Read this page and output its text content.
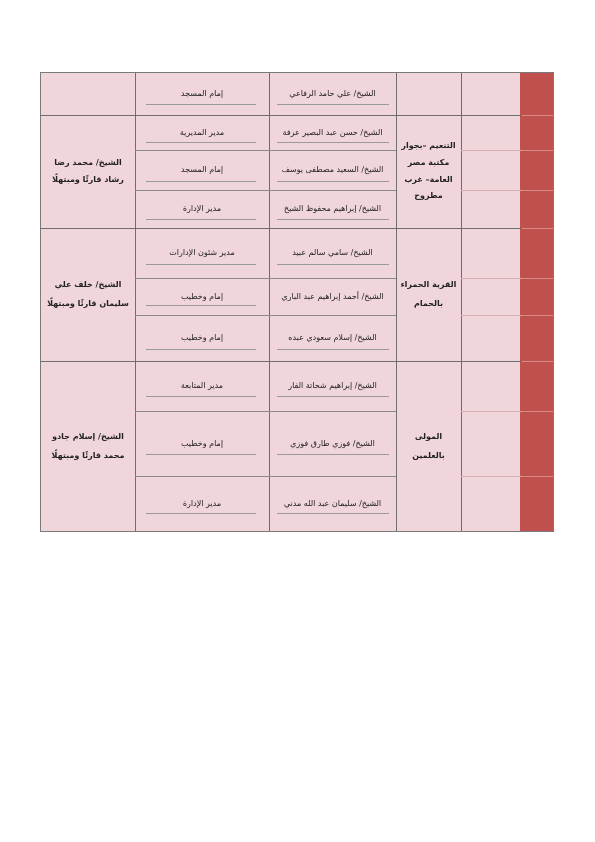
الشيخ/ علي حامد الرفاعي
إمام المسجد
التنعيم –بجوار مكتبة مصر العامة– غرب مطروح
الشيخ/ محمد رضا رشاد قارئًا ومبتهلًا
الشيخ/ حسن عبد البصير عرفة
مدير المديرية
الشيخ/ السعيد مصطفى يوسف
إمام المسجد
الشيخ/ إبراهيم محفوظ الشيخ
مدير الإدارة
القرية الحمراء بالحمام
الشيخ/ خلف علي سليمان قارئًا ومبتهلًا
الشيخ/ سامي سالم عبيد
مدير شئون الإدارات
الشيخ/ أحمد إبراهيم عبد الباري
إمام وخطيب
الشيخ/ إسلام سعودي عبده
إمام وخطيب
المولى بالعلمين
الشيخ/ إسلام جادو محمد قارئًا ومبتهلًا
الشيخ/ إبراهيم شحاتة الفار
مدير المتابعة
الشيخ/ فوزي طارق فوزي
إمام وخطيب
الشيخ/ سليمان عبد الله مدني
مدير الإدارة
